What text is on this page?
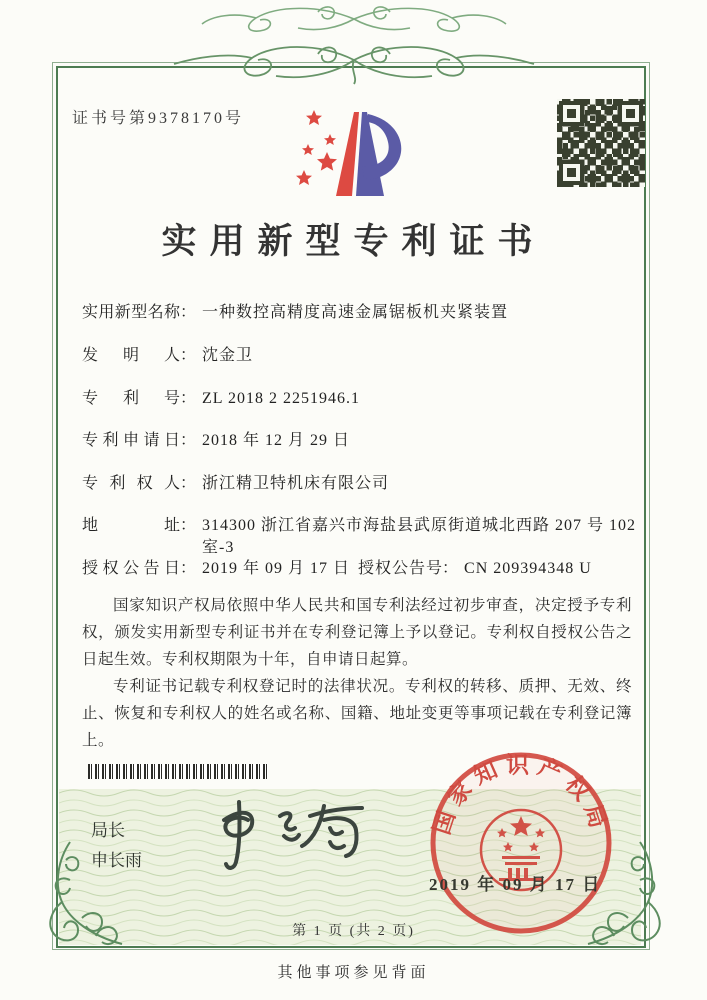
证书号第9378170号
实用新型专利证书
实用新型名称： 一种数控高精度高速金属锯板机夹紧装置
发明人： 沈金卫
专利号： ZL 2018 2 2251946.1
专利申请日： 2018 年 12 月 29 日
专利权人： 浙江精卫特机床有限公司
地址： 314300 浙江省嘉兴市海盐县武原街道城北西路 207 号 102 室-3
授权公告日： 2019 年 09 月 17 日 授权公告号： CN 209394348 U

国家知识产权局依照中华人民共和国专利法经过初步审查，决定授予专利权，颁发实用新型专利证书并在专利登记簿上予以登记。专利权自授权公告之日起生效。专利权期限为十年，自申请日起算。

专利证书记载专利权登记时的法律状况。专利权的转移、质押、无效、终止、恢复和专利权人的姓名或名称、国籍、地址变更等事项记载在专利登记簿上。

局长
申长雨
国家知识产权局
2019 年 09 月 17 日
第 1 页 (共 2 页)
其他事项参见背面
